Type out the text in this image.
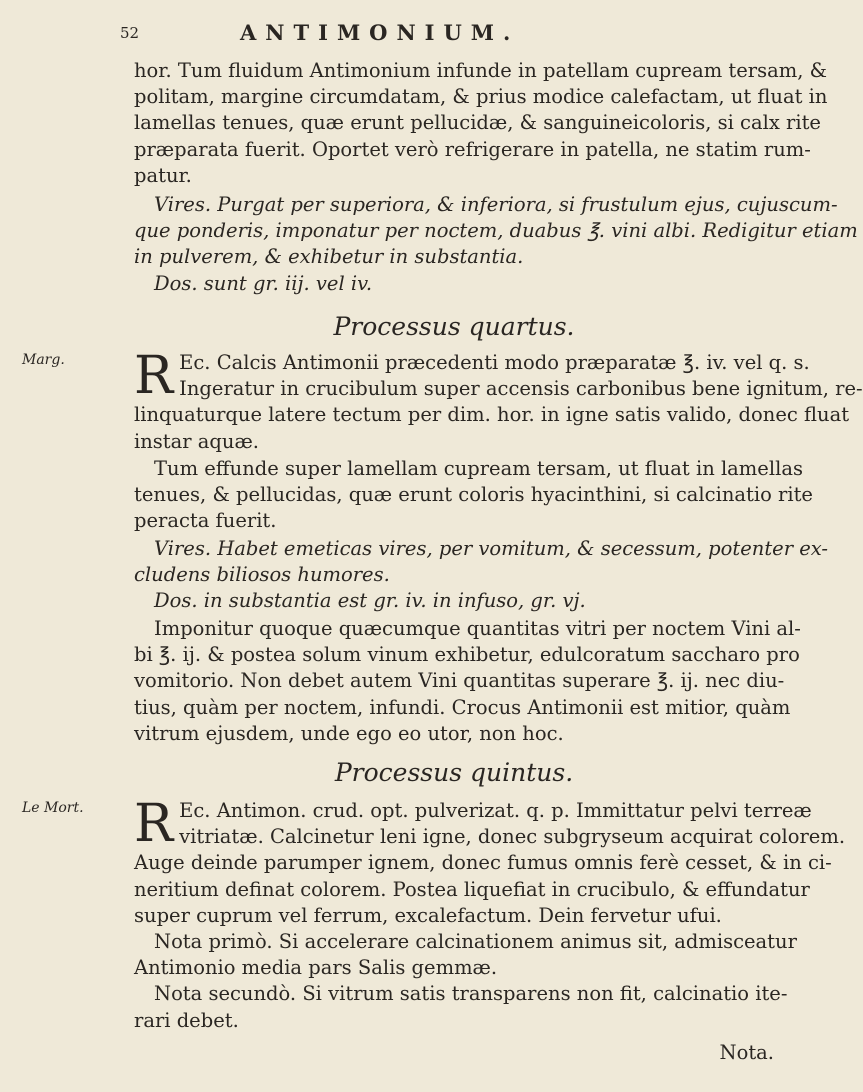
52	ANTIMONIUM.
hor. Tum fluidum Antimonium infunde in patellam cupream tersam, &
politam, margine circumdatam, & prius modice calefactam, ut fluat in
lamellas tenues, quæ erunt pellucidæ, & sanguineicoloris, si calx rite
præparata fuerit. Oportet verò refrigerare in patella, ne statim rum-
patur.
Vires. Purgat per superiora, & inferiora, si frustulum ejus, cujuscum-
que ponderis, imponatur per noctem, duabus ℥. vini albi. Redigitur etiam
in pulverem, & exhibetur in substantia.
Dos. sunt gr. iij. vel iv.
Processus quartus.
Marg. R Ec. Calcis Antimonii præcedenti modo præparatæ ℥. iv. vel q. s.
Ingeratur in crucibulum super accensis carbonibus bene ignitum, re-
linquaturque latere tectum per dim. hor. in igne satis valido, donec fluat
instar aquæ.
Tum effunde super lamellam cupream tersam, ut fluat in lamellas
tenues, & pellucidas, quæ erunt coloris hyacinthini, si calcinatio rite
peracta fuerit.
Vires. Habet emeticas vires, per vomitum, & secessum, potenter ex-
cludens biliosos humores.
Dos. in substantia est gr. iv. in infuso, gr. vj.
Imponitur quoque quæcumque quantitas vitri per noctem Vini al-
bi ℥. ij. & postea solum vinum exhibetur, edulcoratum saccharo pro
vomitorio. Non debet autem Vini quantitas superare ℥. ij. nec diu-
tius, quàm per noctem, infundi. Crocus Antimonii est mitior, quàm
vitrum ejusdem, unde ego eo utor, non hoc.
Processus quintus.
Le Mort. R Ec. Antimon. crud. opt. pulverizat. q. p. Immittatur pelvi terreæ
vitriatæ. Calcinetur leni igne, donec subgryseum acquirat colorem.
Auge deinde parumper ignem, donec fumus omnis ferè cesset, & in ci-
neritium definat colorem. Postea liquefiat in crucibulo, & effundatur
super cuprum vel ferrum, excalefactum. Dein fervetur ufui.
Nota primò. Si accelerare calcinationem animus sit, admisceatur
Antimonio media pars Salis gemmæ.
Nota secundò. Si vitrum satis transparens non fit, calcinatio ite-
rari debet.
Nota.
